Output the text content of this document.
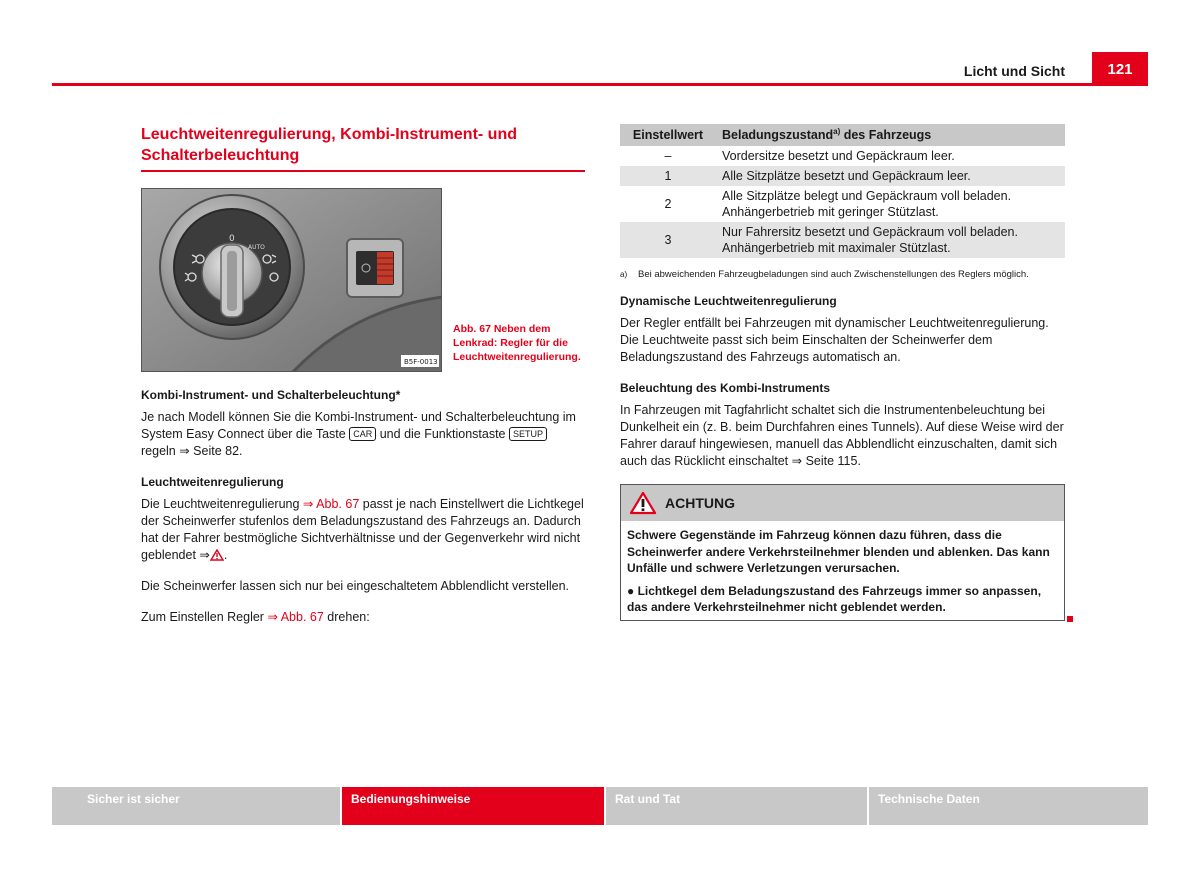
Licht und Sicht	121
Leuchtweitenregulierung, Kombi-Instrument- und Schalterbeleuchtung
0
AUTO
B5F-0013
Abb. 67 Neben dem Lenkrad: Regler für die Leuchtweitenregulierung.
Kombi-Instrument- und Schalterbeleuchtung*
Je nach Modell können Sie die Kombi-Instrument- und Schalterbeleuchtung im System Easy Connect über die Taste CAR und die Funktionstaste SETUP regeln ⇒ Seite 82.
Leuchtweitenregulierung
Die Leuchtweitenregulierung ⇒ Abb. 67 passt je nach Einstellwert die Lichtkegel der Scheinwerfer stufenlos dem Beladungszustand des Fahrzeugs an. Dadurch hat der Fahrer bestmögliche Sichtverhältnisse und der Gegenverkehr wird nicht geblendet ⇒ .
Die Scheinwerfer lassen sich nur bei eingeschaltetem Abblendlicht verstellen.
Zum Einstellen Regler ⇒ Abb. 67 drehen:
Einstellwert	Beladungszustand$^{a)}$ des Fahrzeugs
–	Vordersitze besetzt und Gepäckraum leer.
1	Alle Sitzplätze besetzt und Gepäckraum leer.
2	Alle Sitzplätze belegt und Gepäckraum voll beladen. Anhängerbetrieb mit geringer Stützlast.
3	Nur Fahrersitz besetzt und Gepäckraum voll beladen. Anhängerbetrieb mit maximaler Stützlast.
a)	Bei abweichenden Fahrzeugbeladungen sind auch Zwischenstellungen des Reglers möglich.
Dynamische Leuchtweitenregulierung
Der Regler entfällt bei Fahrzeugen mit dynamischer Leuchtweitenregulierung. Die Leuchtweite passt sich beim Einschalten der Scheinwerfer dem Beladungszustand des Fahrzeugs automatisch an.
Beleuchtung des Kombi-Instruments
In Fahrzeugen mit Tagfahrlicht schaltet sich die Instrumentenbeleuchtung bei Dunkelheit ein (z. B. beim Durchfahren eines Tunnels). Auf diese Weise wird der Fahrer darauf hingewiesen, manuell das Abblendlicht einzuschalten, damit sich auch das Rücklicht einschaltet ⇒ Seite 115.
ACHTUNG

Schwere Gegenstände im Fahrzeug können dazu führen, dass die Scheinwerfer andere Verkehrsteilnehmer blenden und ablenken. Das kann Unfälle und schwere Verletzungen verursachen.

● Lichtkegel dem Beladungszustand des Fahrzeugs immer so anpassen, das andere Verkehrsteilnehmer nicht geblendet werden.

Sicher ist sicher	Bedienungshinweise	Rat und Tat	Technische Daten
